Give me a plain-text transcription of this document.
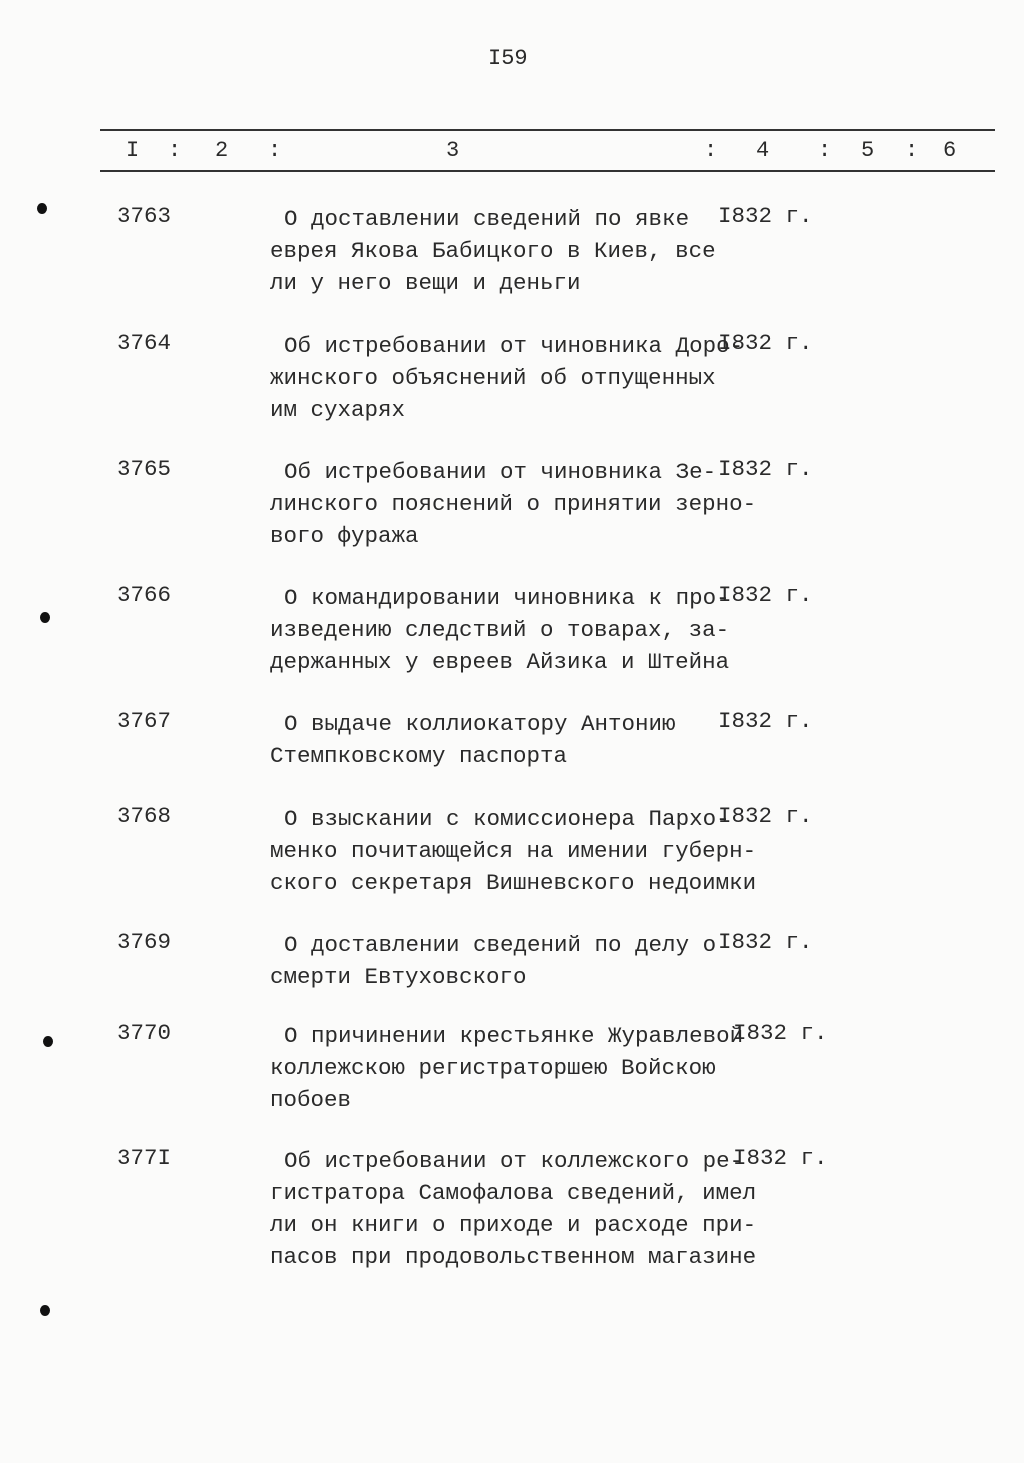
I59
I : 2 :	3	: 4 : 5 : 6
3763	О доставлении сведений по явке
еврея Якова Бабицкого в Киев, все
ли у него вещи и деньги
I832 г.
3764	Об истребовании от чиновника Доро-
жинского объяснений об отпущенных
им сухарях
I832 г.
3765	Об истребовании от чиновника Зе-
линского пояснений о принятии зерно-
вого фуража
I832 г.
3766	О командировании чиновника к про-
изведению следствий о товарах, за-
держанных у евреев Айзика и Штейна
I832 г.
3767	О выдаче коллиокатору Антонию
Стемпковскому паспорта
I832 г.
3768	О взыскании с комиссионера Пархо-
менко почитающейся на имении губерн-
ского секретаря Вишневского недоимки
I832 г.
3769	О доставлении сведений по делу о
смерти Евтуховского
I832 г.
3770	О причинении крестьянке Журавлевой
коллежскою регистраторшею Войскою
побоев
I832 г.
377I	Об истребовании от коллежского ре-
гистратора Самофалова сведений, имел
ли он книги о приходе и расходе при-
пасов при продовольственном магазине
I832 г.
